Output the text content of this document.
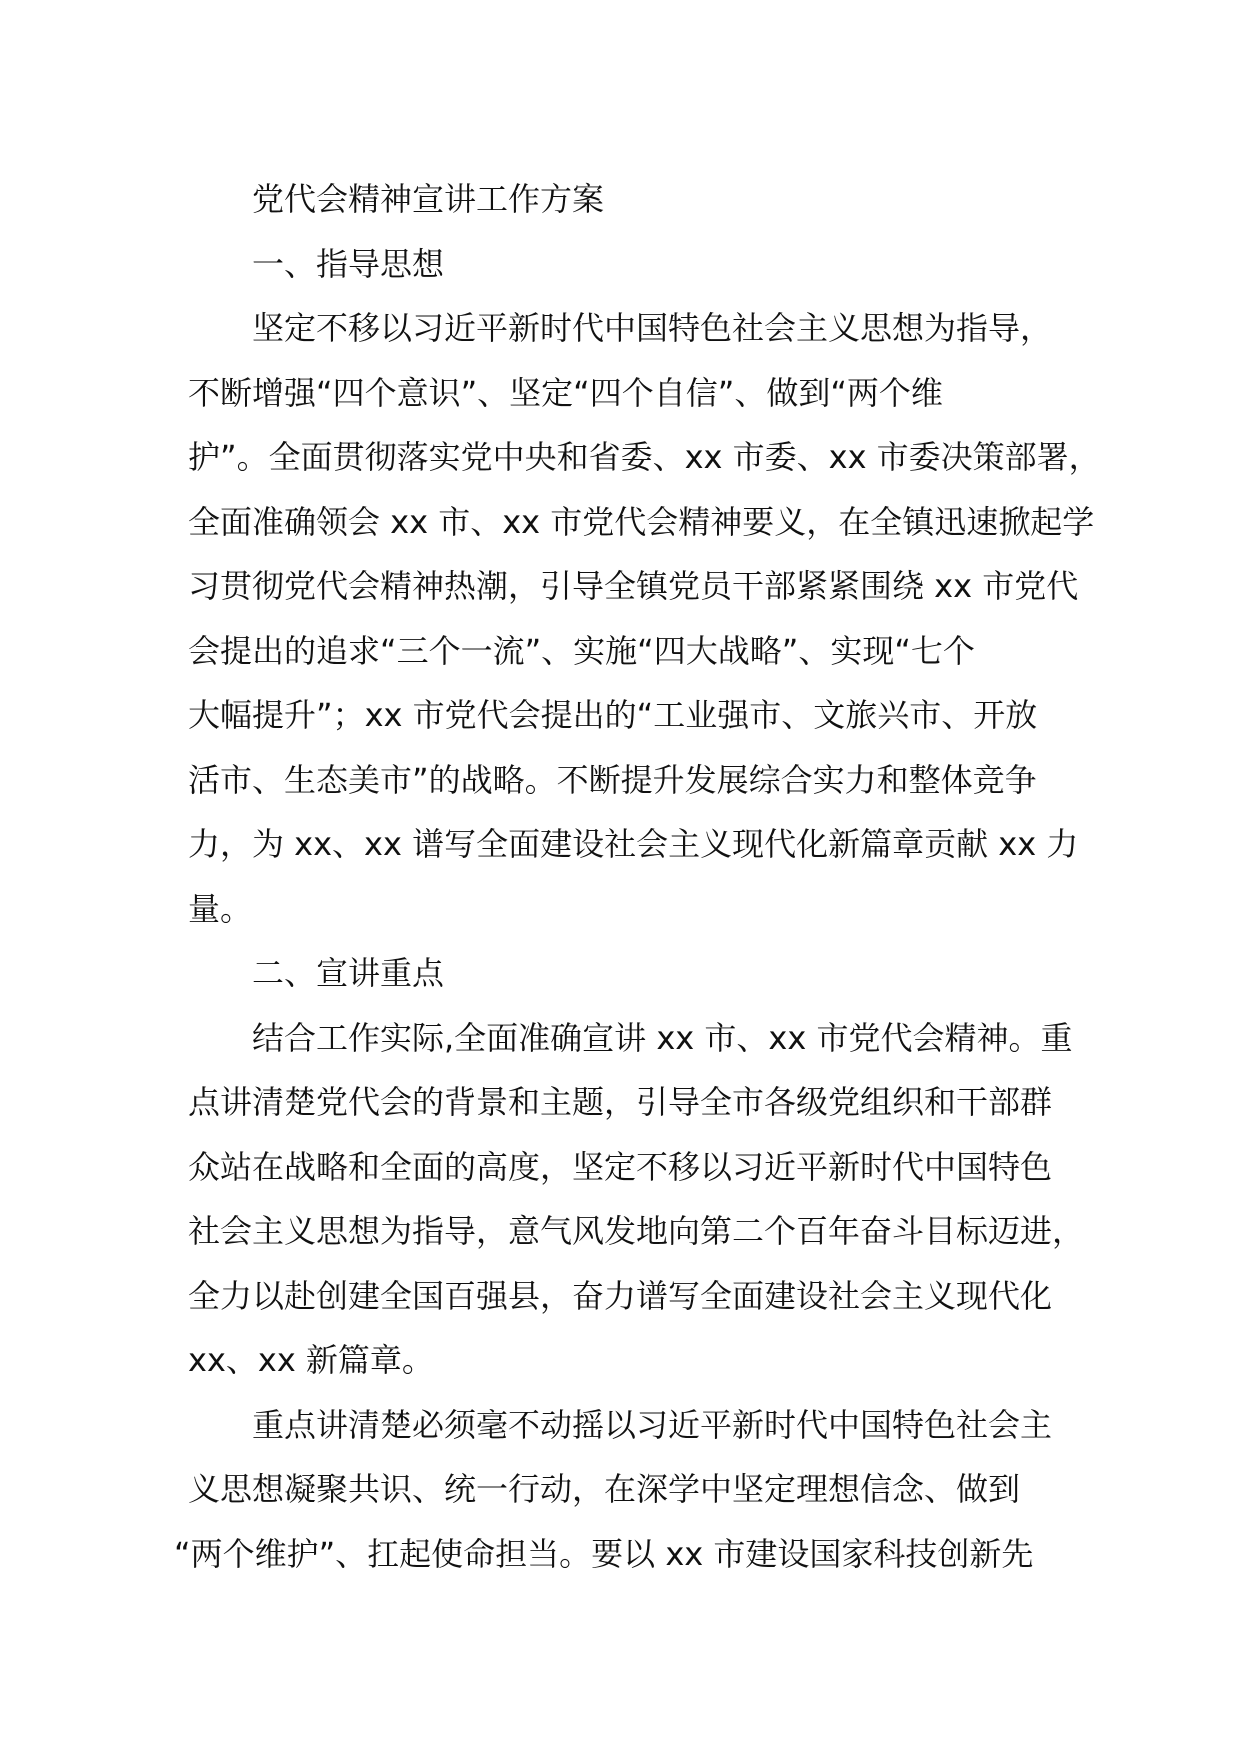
党代会精神宣讲工作方案
一、指导思想
坚定不移以习近平新时代中国特色社会主义思想为指导，
不断增强“四个意识”、坚定“四个自信”、做到“两个维
护”。全面贯彻落实党中央和省委、xx 市委、xx 市委决策部署，
全面准确领会 xx 市、xx 市党代会精神要义，在全镇迅速掀起学
习贯彻党代会精神热潮，引导全镇党员干部紧紧围绕 xx 市党代
会提出的追求“三个一流”、实施“四大战略”、实现“七个
大幅提升”；xx 市党代会提出的“工业强市、文旅兴市、开放
活市、生态美市”的战略。不断提升发展综合实力和整体竞争
力，为 xx、xx 谱写全面建设社会主义现代化新篇章贡献 xx 力
量。
二、宣讲重点
结合工作实际,全面准确宣讲 xx 市、xx 市党代会精神。重
点讲清楚党代会的背景和主题，引导全市各级党组织和干部群
众站在战略和全面的高度，坚定不移以习近平新时代中国特色
社会主义思想为指导，意气风发地向第二个百年奋斗目标迈进，
全力以赴创建全国百强县，奋力谱写全面建设社会主义现代化
xx、xx 新篇章。
重点讲清楚必须毫不动摇以习近平新时代中国特色社会主
义思想凝聚共识、统一行动，在深学中坚定理想信念、做到
“两个维护”、扛起使命担当。要以 xx 市建设国家科技创新先
